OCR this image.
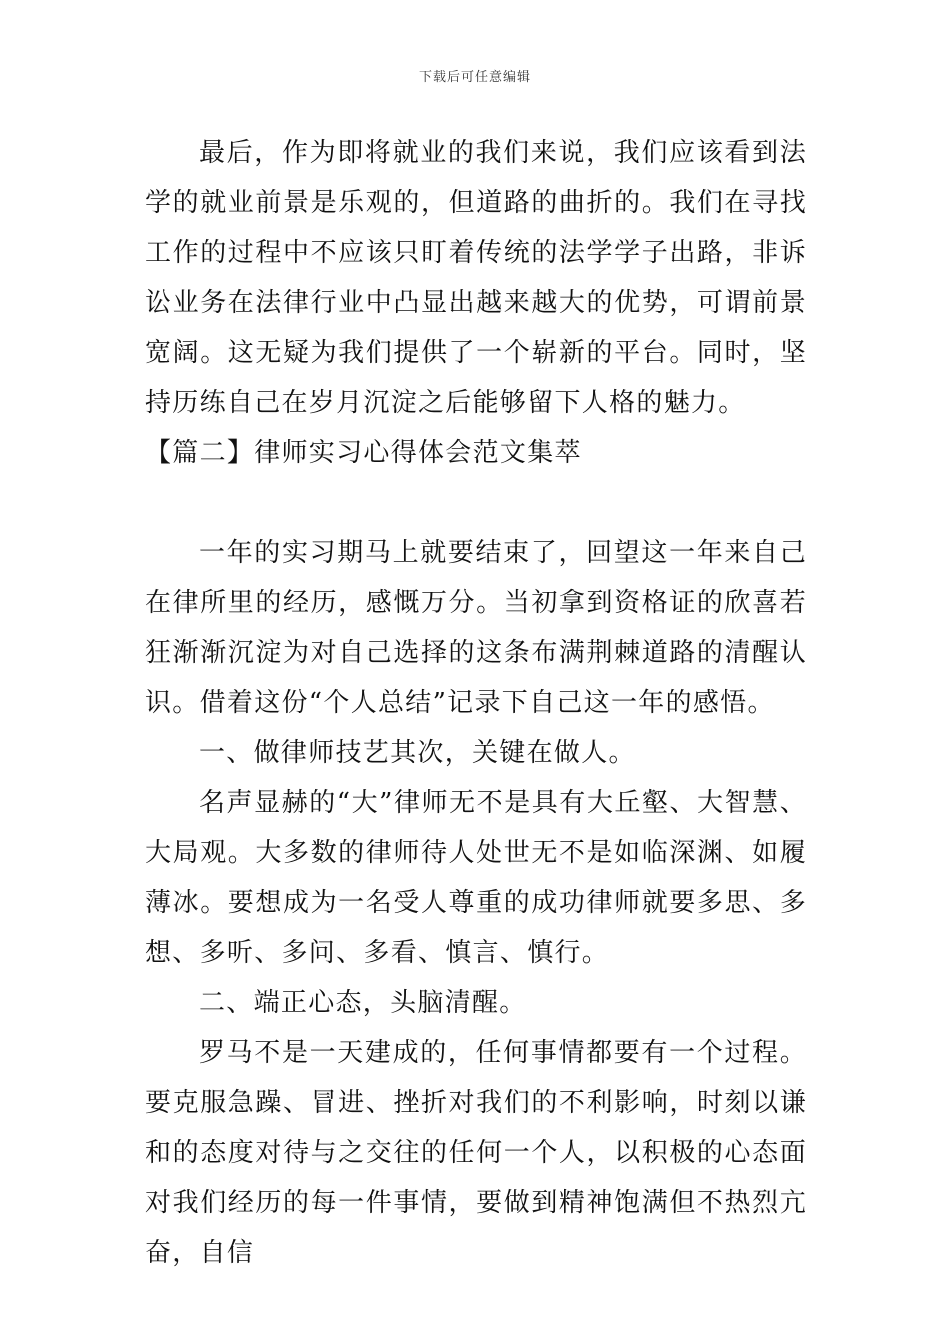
下载后可任意编辑

最后，作为即将就业的我们来说，我们应该看到法学的就业前景是乐观的，但道路的曲折的。我们在寻找工作的过程中不应该只盯着传统的法学学子出路，非诉讼业务在法律行业中凸显出越来越大的优势，可谓前景宽阔。这无疑为我们提供了一个崭新的平台。同时，坚持历练自己在岁月沉淀之后能够留下人格的魅力。

【篇二】律师实习心得体会范文集萃

一年的实习期马上就要结束了，回望这一年来自己在律所里的经历，感慨万分。当初拿到资格证的欣喜若狂渐渐沉淀为对自己选择的这条布满荆棘道路的清醒认识。借着这份“个人总结”记录下自己这一年的感悟。

一、做律师技艺其次，关键在做人。

名声显赫的“大”律师无不是具有大丘壑、大智慧、大局观。大多数的律师待人处世无不是如临深渊、如履薄冰。要想成为一名受人尊重的成功律师就要多思、多想、多听、多问、多看、慎言、慎行。

二、端正心态，头脑清醒。

罗马不是一天建成的，任何事情都要有一个过程。要克服急躁、冒进、挫折对我们的不利影响，时刻以谦和的态度对待与之交往的任何一个人，以积极的心态面对我们经历的每一件事情，要做到精神饱满但不热烈亢奋，自信
